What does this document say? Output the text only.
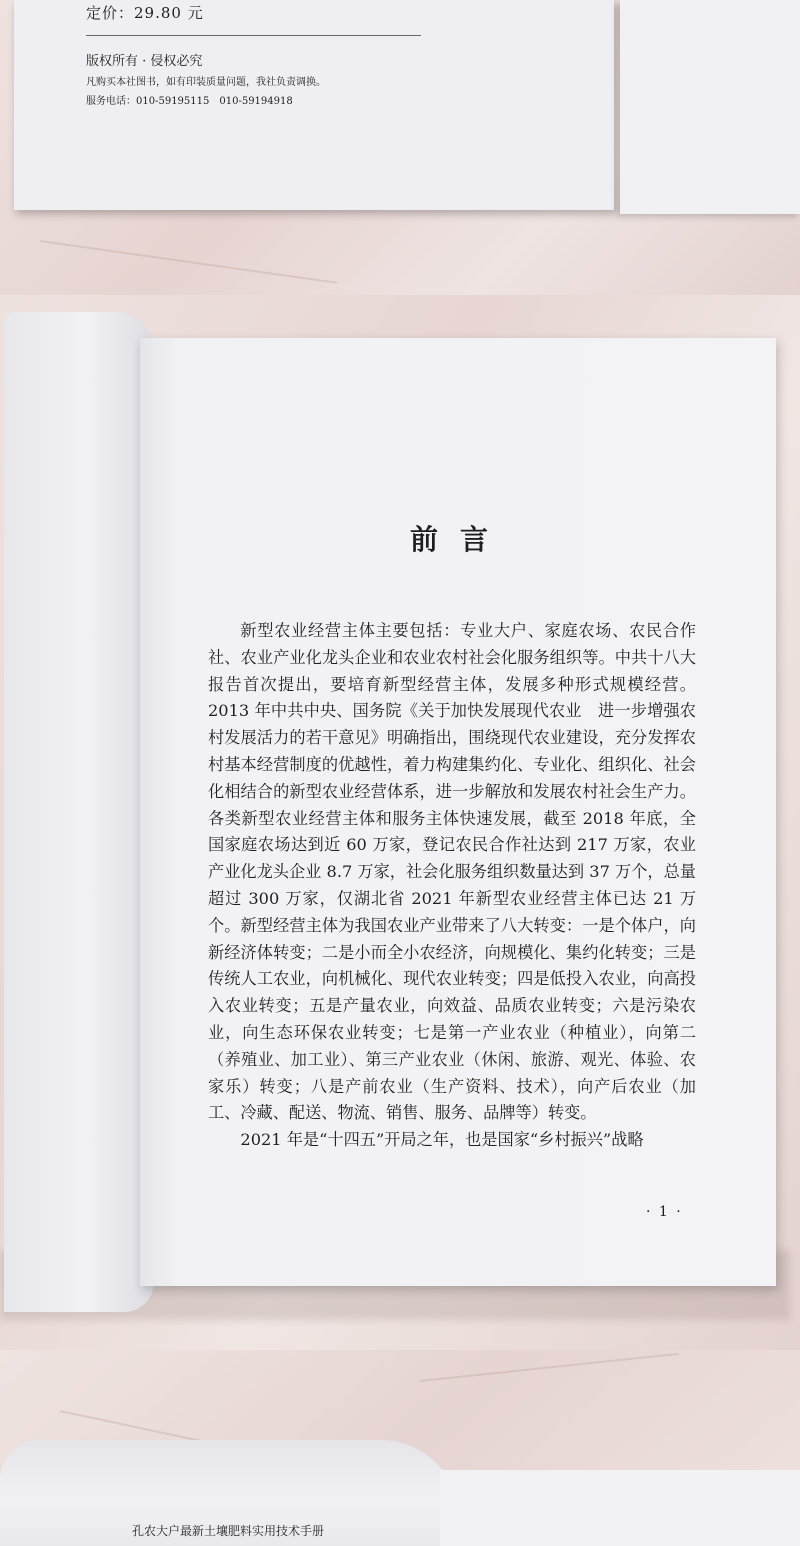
定价：29.80 元
版权所有 · 侵权必究
凡购买本社图书，如有印装质量问题，我社负责调换。
服务电话：010-59195115　010-59194918
前言

新型农业经营主体主要包括：专业大户、家庭农场、农民合作社、农业产业化龙头企业和农业农村社会化服务组织等。中共十八大报告首次提出，要培育新型经营主体，发展多种形式规模经营。2013 年中共中央、国务院《关于加快发展现代农业　进一步增强农村发展活力的若干意见》明确指出，围绕现代农业建设，充分发挥农村基本经营制度的优越性，着力构建集约化、专业化、组织化、社会化相结合的新型农业经营体系，进一步解放和发展农村社会生产力。各类新型农业经营主体和服务主体快速发展，截至 2018 年底，全国家庭农场达到近 60 万家，登记农民合作社达到 217 万家，农业产业化龙头企业 8.7 万家，社会化服务组织数量达到 37 万个，总量超过 300 万家，仅湖北省 2021 年新型农业经营主体已达 21 万个。新型经营主体为我国农业产业带来了八大转变：一是个体户，向新经济体转变；二是小而全小农经济，向规模化、集约化转变；三是传统人工农业，向机械化、现代农业转变；四是低投入农业，向高投入农业转变；五是产量农业，向效益、品质农业转变；六是污染农业，向生态环保农业转变；七是第一产业农业（种植业），向第二（养殖业、加工业）、第三产业农业（休闲、旅游、观光、体验、农家乐）转变；八是产前农业（生产资料、技术），向产后农业（加工、冷藏、配送、物流、销售、服务、品牌等）转变。

2021 年是“十四五”开局之年，也是国家“乡村振兴”战略

· 1 ·
孔农大户最新土壤肥料实用技术手册
